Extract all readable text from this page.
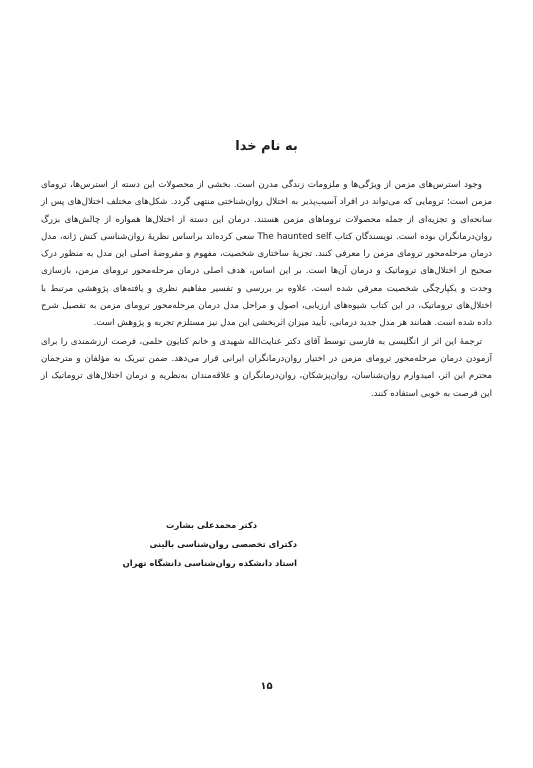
به نام خدا

وجود استرس‌های مزمن از ویژگی‌ها و ملزومات زندگی مدرن است. بخشی از محصولات این دسته از استرس‌ها، ترومای مزمن است؛ ترومایی که می‌تواند در افراد آسیب‌پذیر به اختلال روان‌شناختی منتهی گردد. شکل‌های مختلف اختلال‌های پس از سانحه‌ای و تجزیه‌ای از جمله محصولات تروماهای مزمن هستند. درمان این دسته از اختلال‌ها همواره از چالش‌های بزرگ روان‌درمانگران بوده است. نویسندگان کتاب The haunted self سعی کرده‌اند براساس نظریهٔ روان‌شناسی کنش ژانه، مدل درمان مرحله‌محور ترومای مزمن را معرفی کنند. تجزیهٔ ساختاری شخصیت، مفهوم و مفروضهٔ اصلی این مدل به منظور درک صحیح از اختلال‌های تروماتیک و درمان آن‌ها است. بر این اساس، هدف اصلی درمان مرحله‌محور ترومای مزمن، بازسازی وحدت و یکپارچگی شخصیت معرفی شده است. علاوه بر بررسی و تفسیر مفاهیم نظری و یافته‌های پژوهشی مرتبط با اختلال‌های تروماتیک، در این کتاب شیوه‌های ارزیابی، اصول و مراحل مدل درمان مرحله‌محور ترومای مزمن به تفصیل شرح داده شده است. همانند هر مدل جدید درمانی، تأیید میزان اثربخشی این مدل نیز مستلزم تجربه و پژوهش است.

ترجمهٔ این اثر از انگلیسی به فارسی توسط آقای دکتر عنایت‌الله شهیدی و خانم کتایون حلمی، فرصت ارزشمندی را برای آزمودن درمان مرحله‌محور ترومای مزمن در اختیار روان‌درمانگران ایرانی قرار می‌دهد. ضمن تبریک به مؤلفان و مترجمان محترم این اثر، امیدوارم روان‌شناسان، روان‌پزشکان، روان‌درمانگران و علاقه‌مندان به‌نظریه و درمان اختلال‌های تروماتیک از این فرصت به خوبی استفاده کنند.

دکتر محمدعلی بشارت
دکترای تخصصی روان‌شناسی بالینی
استاد دانشکده روان‌شناسی دانشگاه تهران
۱۵
